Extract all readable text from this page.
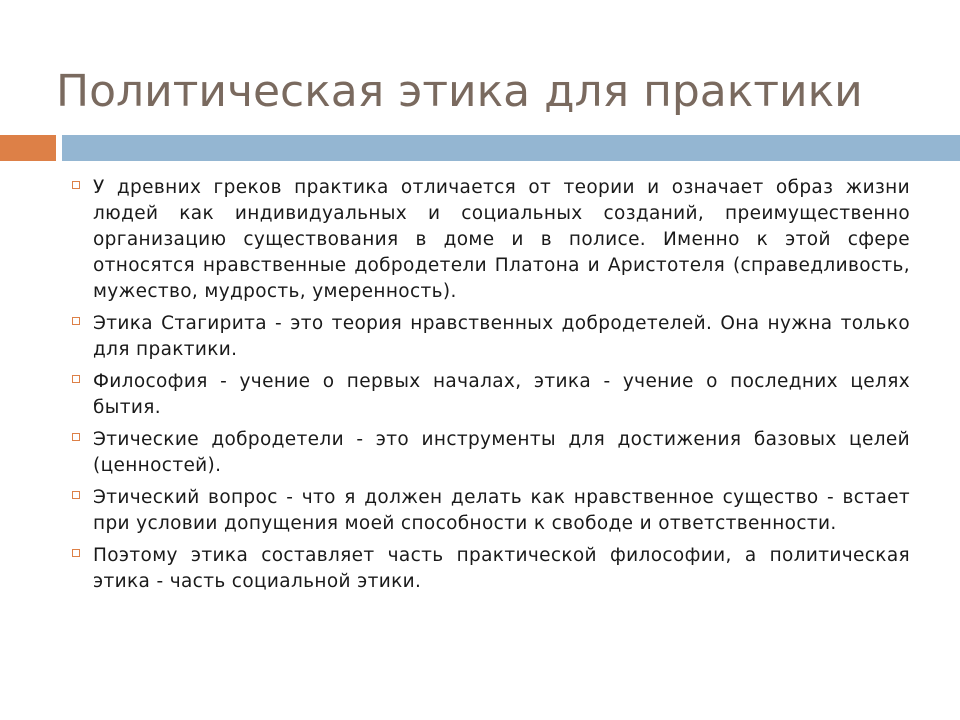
Политическая этика для практики
У древних греков практика отличается от теории и означает образ жизни людей как индивидуальных и социальных созданий, преимущественно организацию существования в доме и в полисе. Именно к этой сфере относятся нравственные добродетели Платона и Аристотеля (справедливость, мужество, мудрость, умеренность).
Этика Стагирита - это теория нравственных добродетелей. Она нужна только для практики.
Философия - учение о первых началах, этика - учение о последних целях бытия.
Этические добродетели - это инструменты для достижения базовых целей (ценностей).
Этический вопрос - что я должен делать как нравственное существо - встает при условии допущения моей способности к свободе и ответственности.
Поэтому этика составляет часть практической философии, а политическая этика - часть социальной этики.
